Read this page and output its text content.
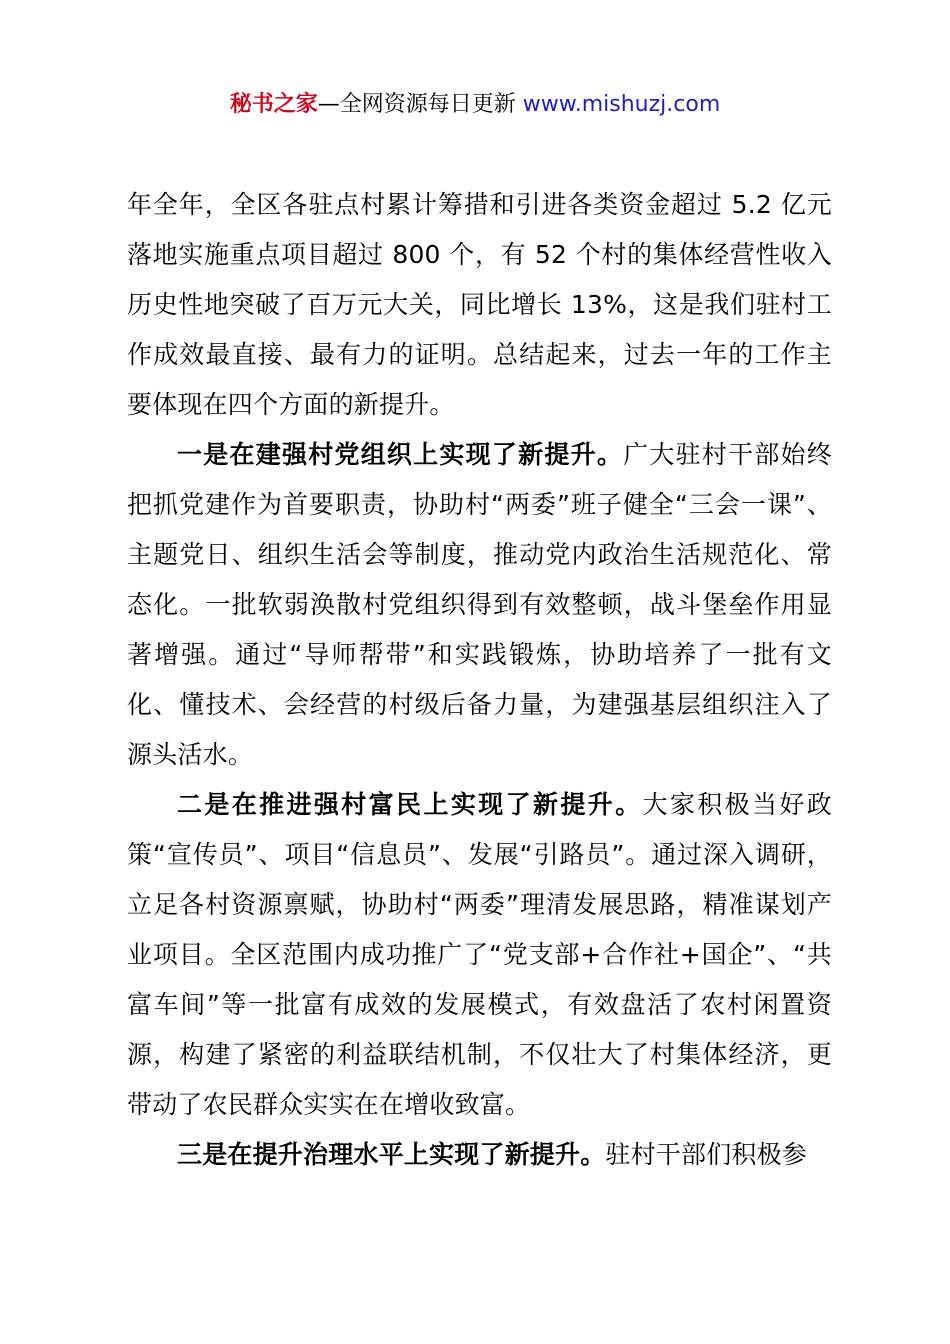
秘书之家—全网资源每日更新 www.mishuzj.com

年全年，全区各驻点村累计筹措和引进各类资金超过 5.2 亿元落地实施重点项目超过 800 个，有 52 个村的集体经营性收入历史性地突破了百万元大关，同比增长 13%，这是我们驻村工作成效最直接、最有力的证明。总结起来，过去一年的工作主要体现在四个方面的新提升。

一是在建强村党组织上实现了新提升。广大驻村干部始终把抓党建作为首要职责，协助村“两委”班子健全“三会一课”、主题党日、组织生活会等制度，推动党内政治生活规范化、常态化。一批软弱涣散村党组织得到有效整顿，战斗堡垒作用显著增强。通过“导师帮带”和实践锻炼，协助培养了一批有文化、懂技术、会经营的村级后备力量，为建强基层组织注入了源头活水。

二是在推进强村富民上实现了新提升。大家积极当好政策“宣传员”、项目“信息员”、发展“引路员”。通过深入调研，立足各村资源禀赋，协助村“两委”理清发展思路，精准谋划产业项目。全区范围内成功推广了“党支部+合作社+国企”、“共富车间”等一批富有成效的发展模式，有效盘活了农村闲置资源，构建了紧密的利益联结机制，不仅壮大了村集体经济，更带动了农民群众实实在在增收致富。

三是在提升治理水平上实现了新提升。驻村干部们积极参
